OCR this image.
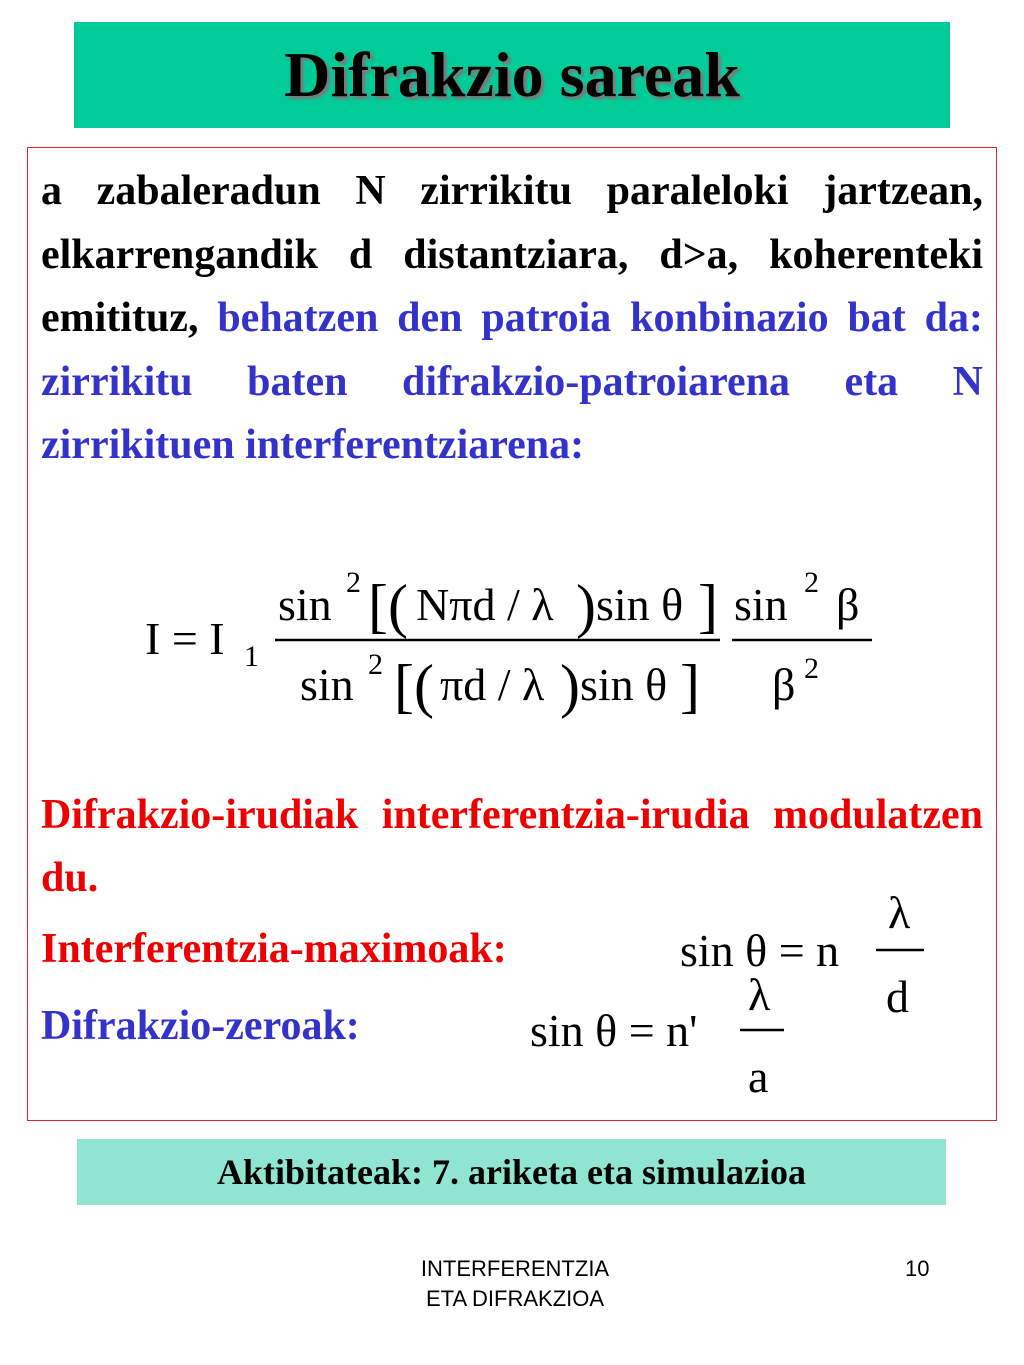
Difrakzio sareak
a zabaleradun N zirrikitu paraleloki jartzean, elkarrengandik d distantziara, d>a, koherenteki emitituz, behatzen den patroia konbinazio bat da: zirrikitu baten difrakzio-patroiarena eta N zirrikituen interferentziarena:
I = I 1
sin 2 [( Nπd / λ ) sin θ ]
sin 2 [( πd / λ ) sin θ ]
sin 2 β
β 2
Difrakzio-irudiak interferentzia-irudia modulatzen du.
Interferentzia-maximoak:	sin θ = n
λ
d
Difrakzio-zeroak:	sin θ = n'
λ
a
Aktibitateak: 7. ariketa eta simulazioa
INTERFERENTZIA
ETA DIFRAKZIOA
10
